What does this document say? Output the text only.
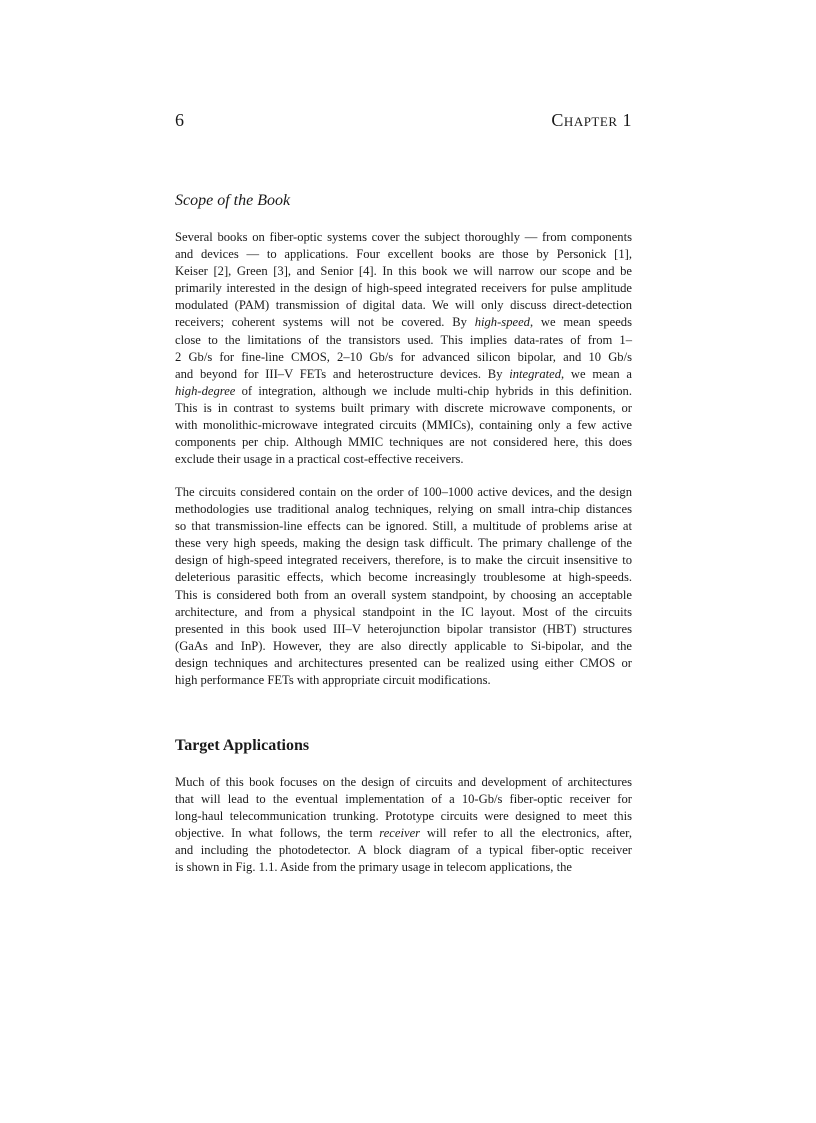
6	Chapter 1
Scope of the Book
Several books on fiber-optic systems cover the subject thoroughly — from components
and devices — to applications. Four excellent books are those by Personick [1],
Keiser [2], Green [3], and Senior [4]. In this book we will narrow our scope and be
primarily interested in the design of high-speed integrated receivers for pulse amplitude
modulated (PAM) transmission of digital data. We will only discuss direct-detection
receivers; coherent systems will not be covered. By high-speed, we mean speeds
close to the limitations of the transistors used. This implies data-rates of from 1–
2 Gb/s for fine-line CMOS, 2–10 Gb/s for advanced silicon bipolar, and 10 Gb/s
and beyond for III–V FETs and heterostructure devices. By integrated, we mean a
high-degree of integration, although we include multi-chip hybrids in this definition.
This is in contrast to systems built primary with discrete microwave components, or
with monolithic-microwave integrated circuits (MMICs), containing only a few active
components per chip. Although MMIC techniques are not considered here, this does
exclude their usage in a practical cost-effective receivers.
The circuits considered contain on the order of 100–1000 active devices, and the design
methodologies use traditional analog techniques, relying on small intra-chip distances
so that transmission-line effects can be ignored. Still, a multitude of problems arise at
these very high speeds, making the design task difficult. The primary challenge of the
design of high-speed integrated receivers, therefore, is to make the circuit insensitive to
deleterious parasitic effects, which become increasingly troublesome at high-speeds.
This is considered both from an overall system standpoint, by choosing an acceptable
architecture, and from a physical standpoint in the IC layout. Most of the circuits
presented in this book used III–V heterojunction bipolar transistor (HBT) structures
(GaAs and InP). However, they are also directly applicable to Si-bipolar, and the
design techniques and architectures presented can be realized using either CMOS or
high performance FETs with appropriate circuit modifications.
Target Applications
Much of this book focuses on the design of circuits and development of architectures
that will lead to the eventual implementation of a 10-Gb/s fiber-optic receiver for
long-haul telecommunication trunking. Prototype circuits were designed to meet this
objective. In what follows, the term receiver will refer to all the electronics, after,
and including the photodetector. A block diagram of a typical fiber-optic receiver
is shown in Fig. 1.1. Aside from the primary usage in telecom applications, the
